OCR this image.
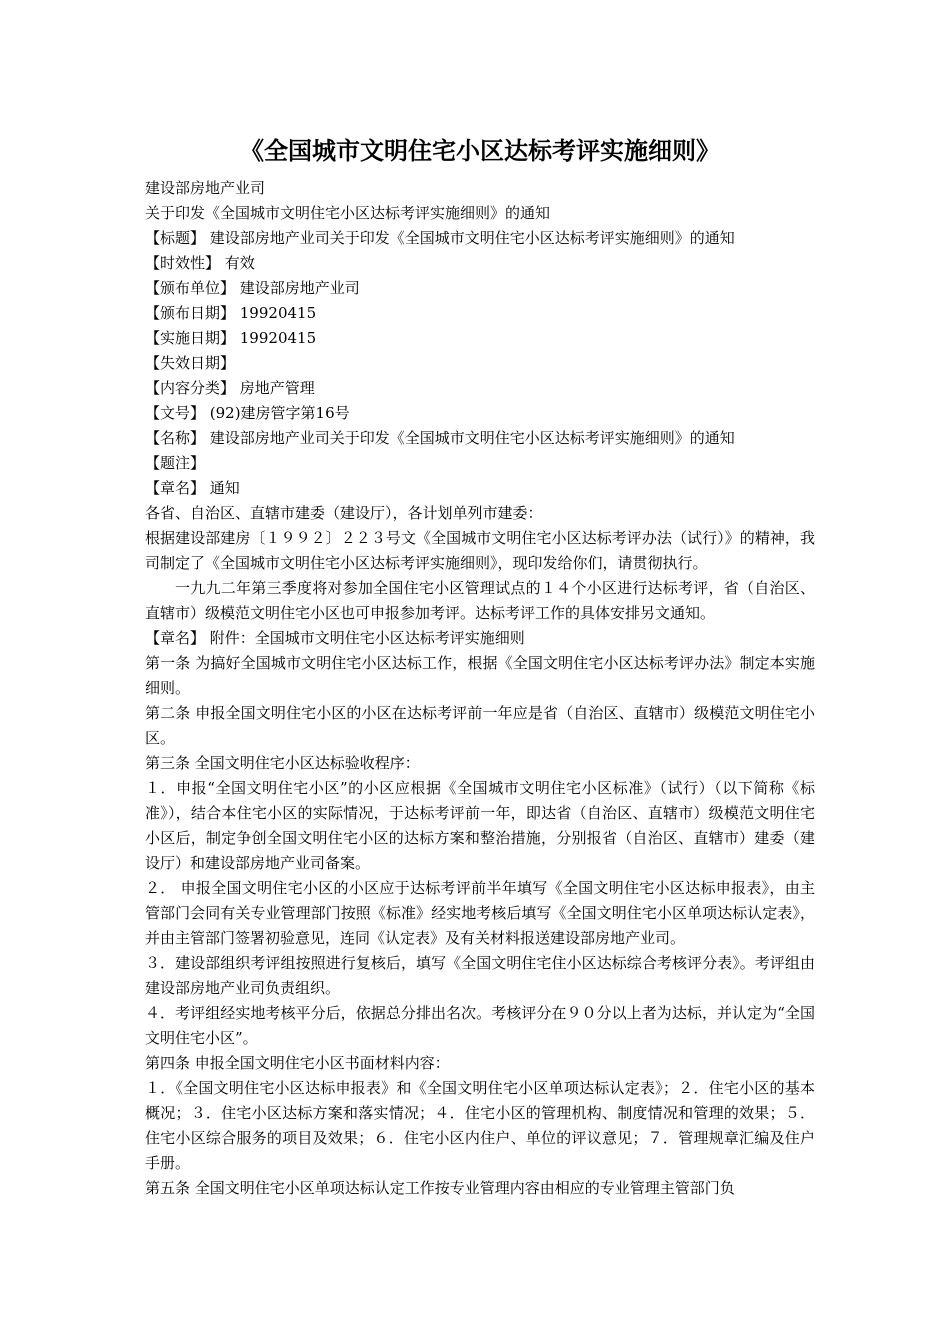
《全国城市文明住宅小区达标考评实施细则》
建设部房地产业司
关于印发《全国城市文明住宅小区达标考评实施细则》的通知
【标题】 建设部房地产业司关于印发《全国城市文明住宅小区达标考评实施细则》的通知
【时效性】 有效
【颁布单位】 建设部房地产业司
【颁布日期】 19920415
【实施日期】 19920415
【失效日期】
【内容分类】 房地产管理
【文号】 (92)建房管字第16号
【名称】 建设部房地产业司关于印发《全国城市文明住宅小区达标考评实施细则》的通知
【题注】
【章名】 通知
各省、自治区、直辖市建委（建设厅），各计划单列市建委：
根据建设部建房〔１９９２〕２２３号文《全国城市文明住宅小区达标考评办法（试行）》的精神，我司制定了《全国城市文明住宅小区达标考评实施细则》，现印发给你们，请贯彻执行。
一九九二年第三季度将对参加全国住宅小区管理试点的１４个小区进行达标考评，省（自治区、直辖市）级模范文明住宅小区也可申报参加考评。达标考评工作的具体安排另文通知。
【章名】 附件：全国城市文明住宅小区达标考评实施细则
第一条 为搞好全国城市文明住宅小区达标工作，根据《全国文明住宅小区达标考评办法》制定本实施细则。
第二条 申报全国文明住宅小区的小区在达标考评前一年应是省（自治区、直辖市）级模范文明住宅小区。
第三条 全国文明住宅小区达标验收程序：
１．申报“全国文明住宅小区”的小区应根据《全国城市文明住宅小区标准》（试行）（以下简称《标准》），结合本住宅小区的实际情况，于达标考评前一年，即达省（自治区、直辖市）级模范文明住宅小区后，制定争创全国文明住宅小区的达标方案和整治措施，分别报省（自治区、直辖市）建委（建设厅）和建设部房地产业司备案。
２． 申报全国文明住宅小区的小区应于达标考评前半年填写《全国文明住宅小区达标申报表》，由主管部门会同有关专业管理部门按照《标准》经实地考核后填写《全国文明住宅小区单项达标认定表》，并由主管部门签署初验意见，连同《认定表》及有关材料报送建设部房地产业司。
３．建设部组织考评组按照进行复核后，填写《全国文明住宅住小区达标综合考核评分表》。考评组由建设部房地产业司负责组织。
４．考评组经实地考核平分后，依据总分排出名次。考核评分在９０分以上者为达标，并认定为“全国文明住宅小区”。
第四条 申报全国文明住宅小区书面材料内容：
１．《全国文明住宅小区达标申报表》和《全国文明住宅小区单项达标认定表》；２．住宅小区的基本概况；３．住宅小区达标方案和落实情况；４．住宅小区的管理机构、制度情况和管理的效果；５．住宅小区综合服务的项目及效果；６．住宅小区内住户、单位的评议意见；７．管理规章汇编及住户手册。
第五条 全国文明住宅小区单项达标认定工作按专业管理内容由相应的专业管理主管部门负
